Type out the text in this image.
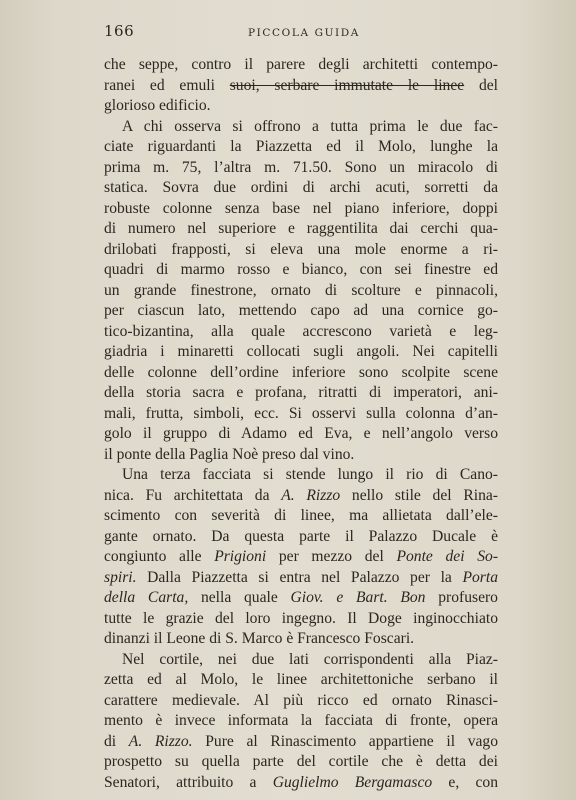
166	PICCOLA GUIDA
che seppe, contro il parere degli architetti contempo-
ranei ed emuli suoi, serbare immutate le linee del
glorioso edificio.
A chi osserva si offrono a tutta prima le due fac-
ciate riguardanti la Piazzetta ed il Molo, lunghe la
prima m. 75, l’altra m. 71.50. Sono un miracolo di
statica. Sovra due ordini di archi acuti, sorretti da
robuste colonne senza base nel piano inferiore, doppi
di numero nel superiore e raggentilita dai cerchi qua-
drilobati frapposti, si eleva una mole enorme a ri-
quadri di marmo rosso e bianco, con sei finestre ed
un grande finestrone, ornato di scolture e pinnacoli,
per ciascun lato, mettendo capo ad una cornice go-
tico-bizantina, alla quale accrescono varietà e leg-
giadria i minaretti collocati sugli angoli. Nei capitelli
delle colonne dell’ordine inferiore sono scolpite scene
della storia sacra e profana, ritratti di imperatori, ani-
mali, frutta, simboli, ecc. Si osservi sulla colonna d’an-
golo il gruppo di Adamo ed Eva, e nell’angolo verso
il ponte della Paglia Noè preso dal vino.
Una terza facciata si stende lungo il rio di Cano-
nica. Fu architettata da A. Rizzo nello stile del Rina-
scimento con severità di linee, ma allietata dall’ele-
gante ornato. Da questa parte il Palazzo Ducale è
congiunto alle Prigioni per mezzo del Ponte dei So-
spiri. Dalla Piazzetta si entra nel Palazzo per la Porta
della Carta, nella quale Giov. e Bart. Bon profusero
tutte le grazie del loro ingegno. Il Doge inginocchiato
dinanzi il Leone di S. Marco è Francesco Foscari.
Nel cortile, nei due lati corrispondenti alla Piaz-
zetta ed al Molo, le linee architettoniche serbano il
carattere medievale. Al più ricco ed ornato Rinasci-
mento è invece informata la facciata di fronte, opera
di A. Rizzo. Pure al Rinascimento appartiene il vago
prospetto su quella parte del cortile che è detta dei
Senatori, attribuito a Guglielmo Bergamasco e, con
